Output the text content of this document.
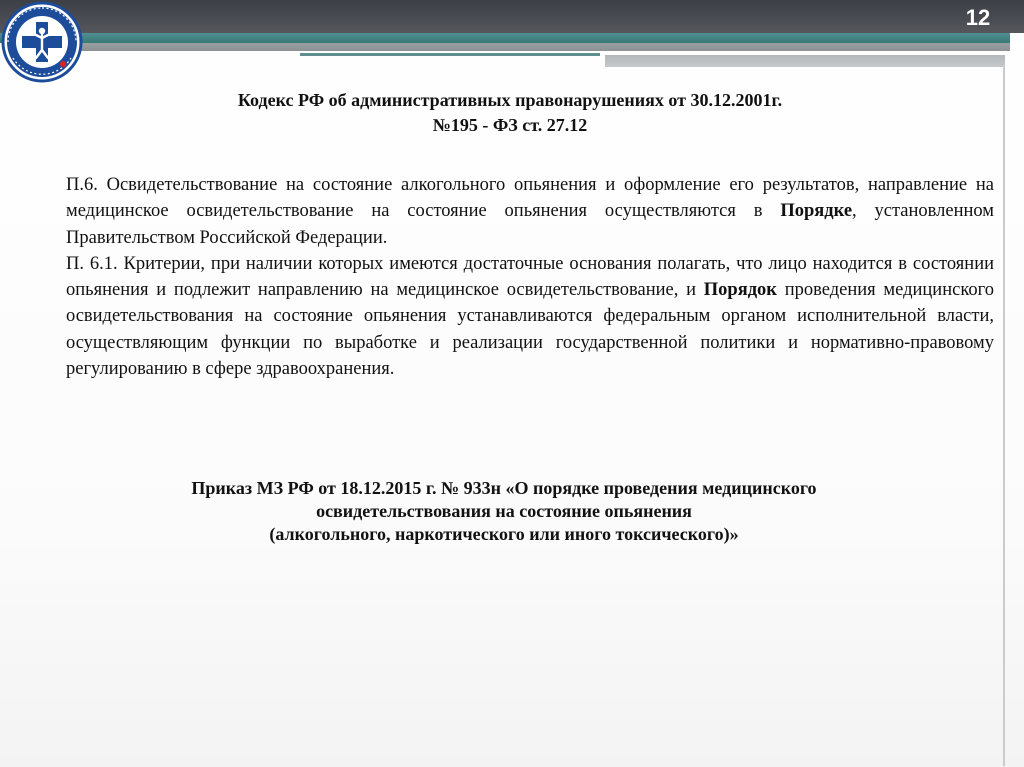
12
Кодекс РФ об административных правонарушениях от 30.12.2001г.
№195 - ФЗ ст. 27.12

П.6. Освидетельствование на состояние алкогольного опьянения и оформление его результатов, направление на медицинское освидетельствование на состояние опьянения осуществляются в Порядке, установленном Правительством Российской Федерации.

П. 6.1. Критерии, при наличии которых имеются достаточные основания полагать, что лицо находится в состоянии опьянения и подлежит направлению на медицинское освидетельствование, и Порядок проведения медицинского освидетельствования на состояние опьянения устанавливаются федеральным органом исполнительной власти, осуществляющим функции по выработке и реализации государственной политики и нормативно-правовому регулированию в сфере здравоохранения.

Приказ МЗ РФ от 18.12.2015 г. № 933н «О порядке проведения медицинского
освидетельствования на состояние опьянения
(алкогольного, наркотического или иного токсического)»
